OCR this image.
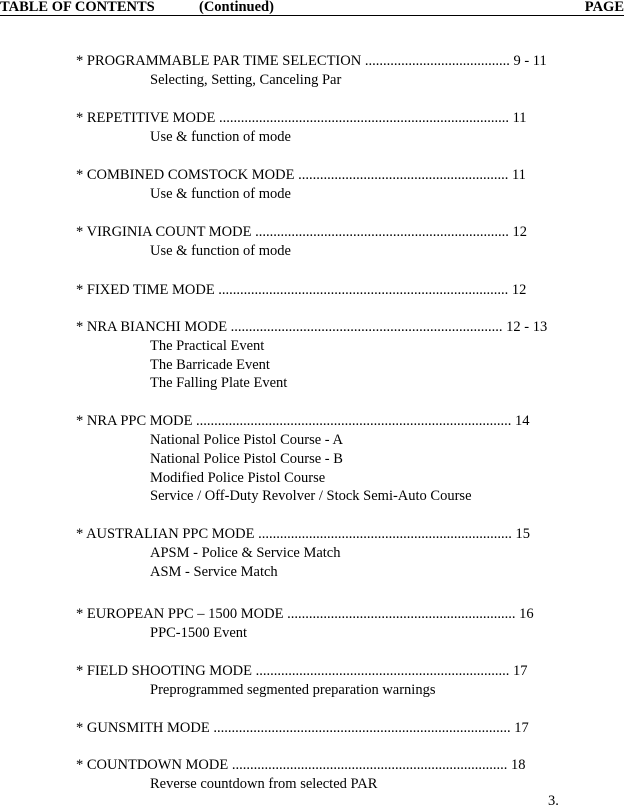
TABLE OF CONTENTS	(Continued)	PAGE
* PROGRAMMABLE PAR TIME SELECTION ........................................ 9 - 11
Selecting, Setting, Canceling Par
* REPETITIVE MODE ................................................................................ 11
Use & function of mode
* COMBINED COMSTOCK MODE .......................................................... 11
Use & function of mode
* VIRGINIA COUNT MODE ...................................................................... 12
Use & function of mode
* FIXED TIME MODE ................................................................................ 12
* NRA BIANCHI MODE ........................................................................... 12 - 13
The Practical Event
The Barricade Event
The Falling Plate Event
* NRA PPC MODE ....................................................................................... 14
National Police Pistol Course - A
National Police Pistol Course - B
Modified Police Pistol Course
Service / Off-Duty Revolver / Stock Semi-Auto Course
* AUSTRALIAN PPC MODE ...................................................................... 15
APSM - Police & Service Match
ASM - Service Match
* EUROPEAN PPC – 1500 MODE ............................................................... 16
PPC-1500 Event
* FIELD SHOOTING MODE ...................................................................... 17
Preprogrammed segmented preparation warnings
* GUNSMITH MODE .................................................................................. 17
* COUNTDOWN MODE ............................................................................ 18
Reverse countdown from selected PAR
3.
